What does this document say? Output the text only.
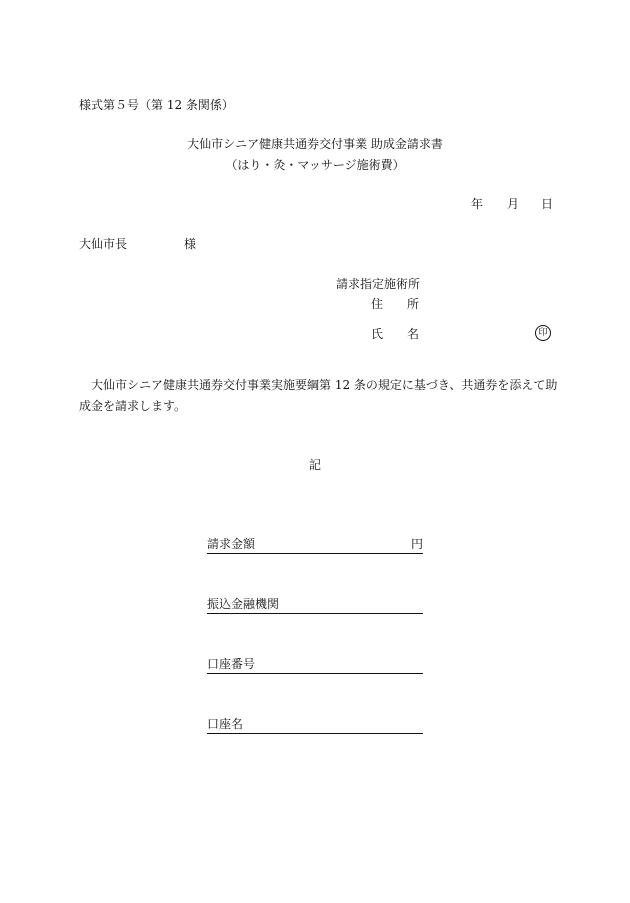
様式第５号（第 12 条関係）
大仙市シニア健康共通券交付事業 助成金請求書
（はり・灸・マッサージ施術費）
年 月 日
大仙市長	様
請求指定施術所
住　　所
氏　　名	印
大仙市シニア健康共通券交付事業実施要綱第 12 条の規定に基づき、共通券を添えて助成金を請求します。
記
請求金額	円
振込金融機関
口座番号
口座名
